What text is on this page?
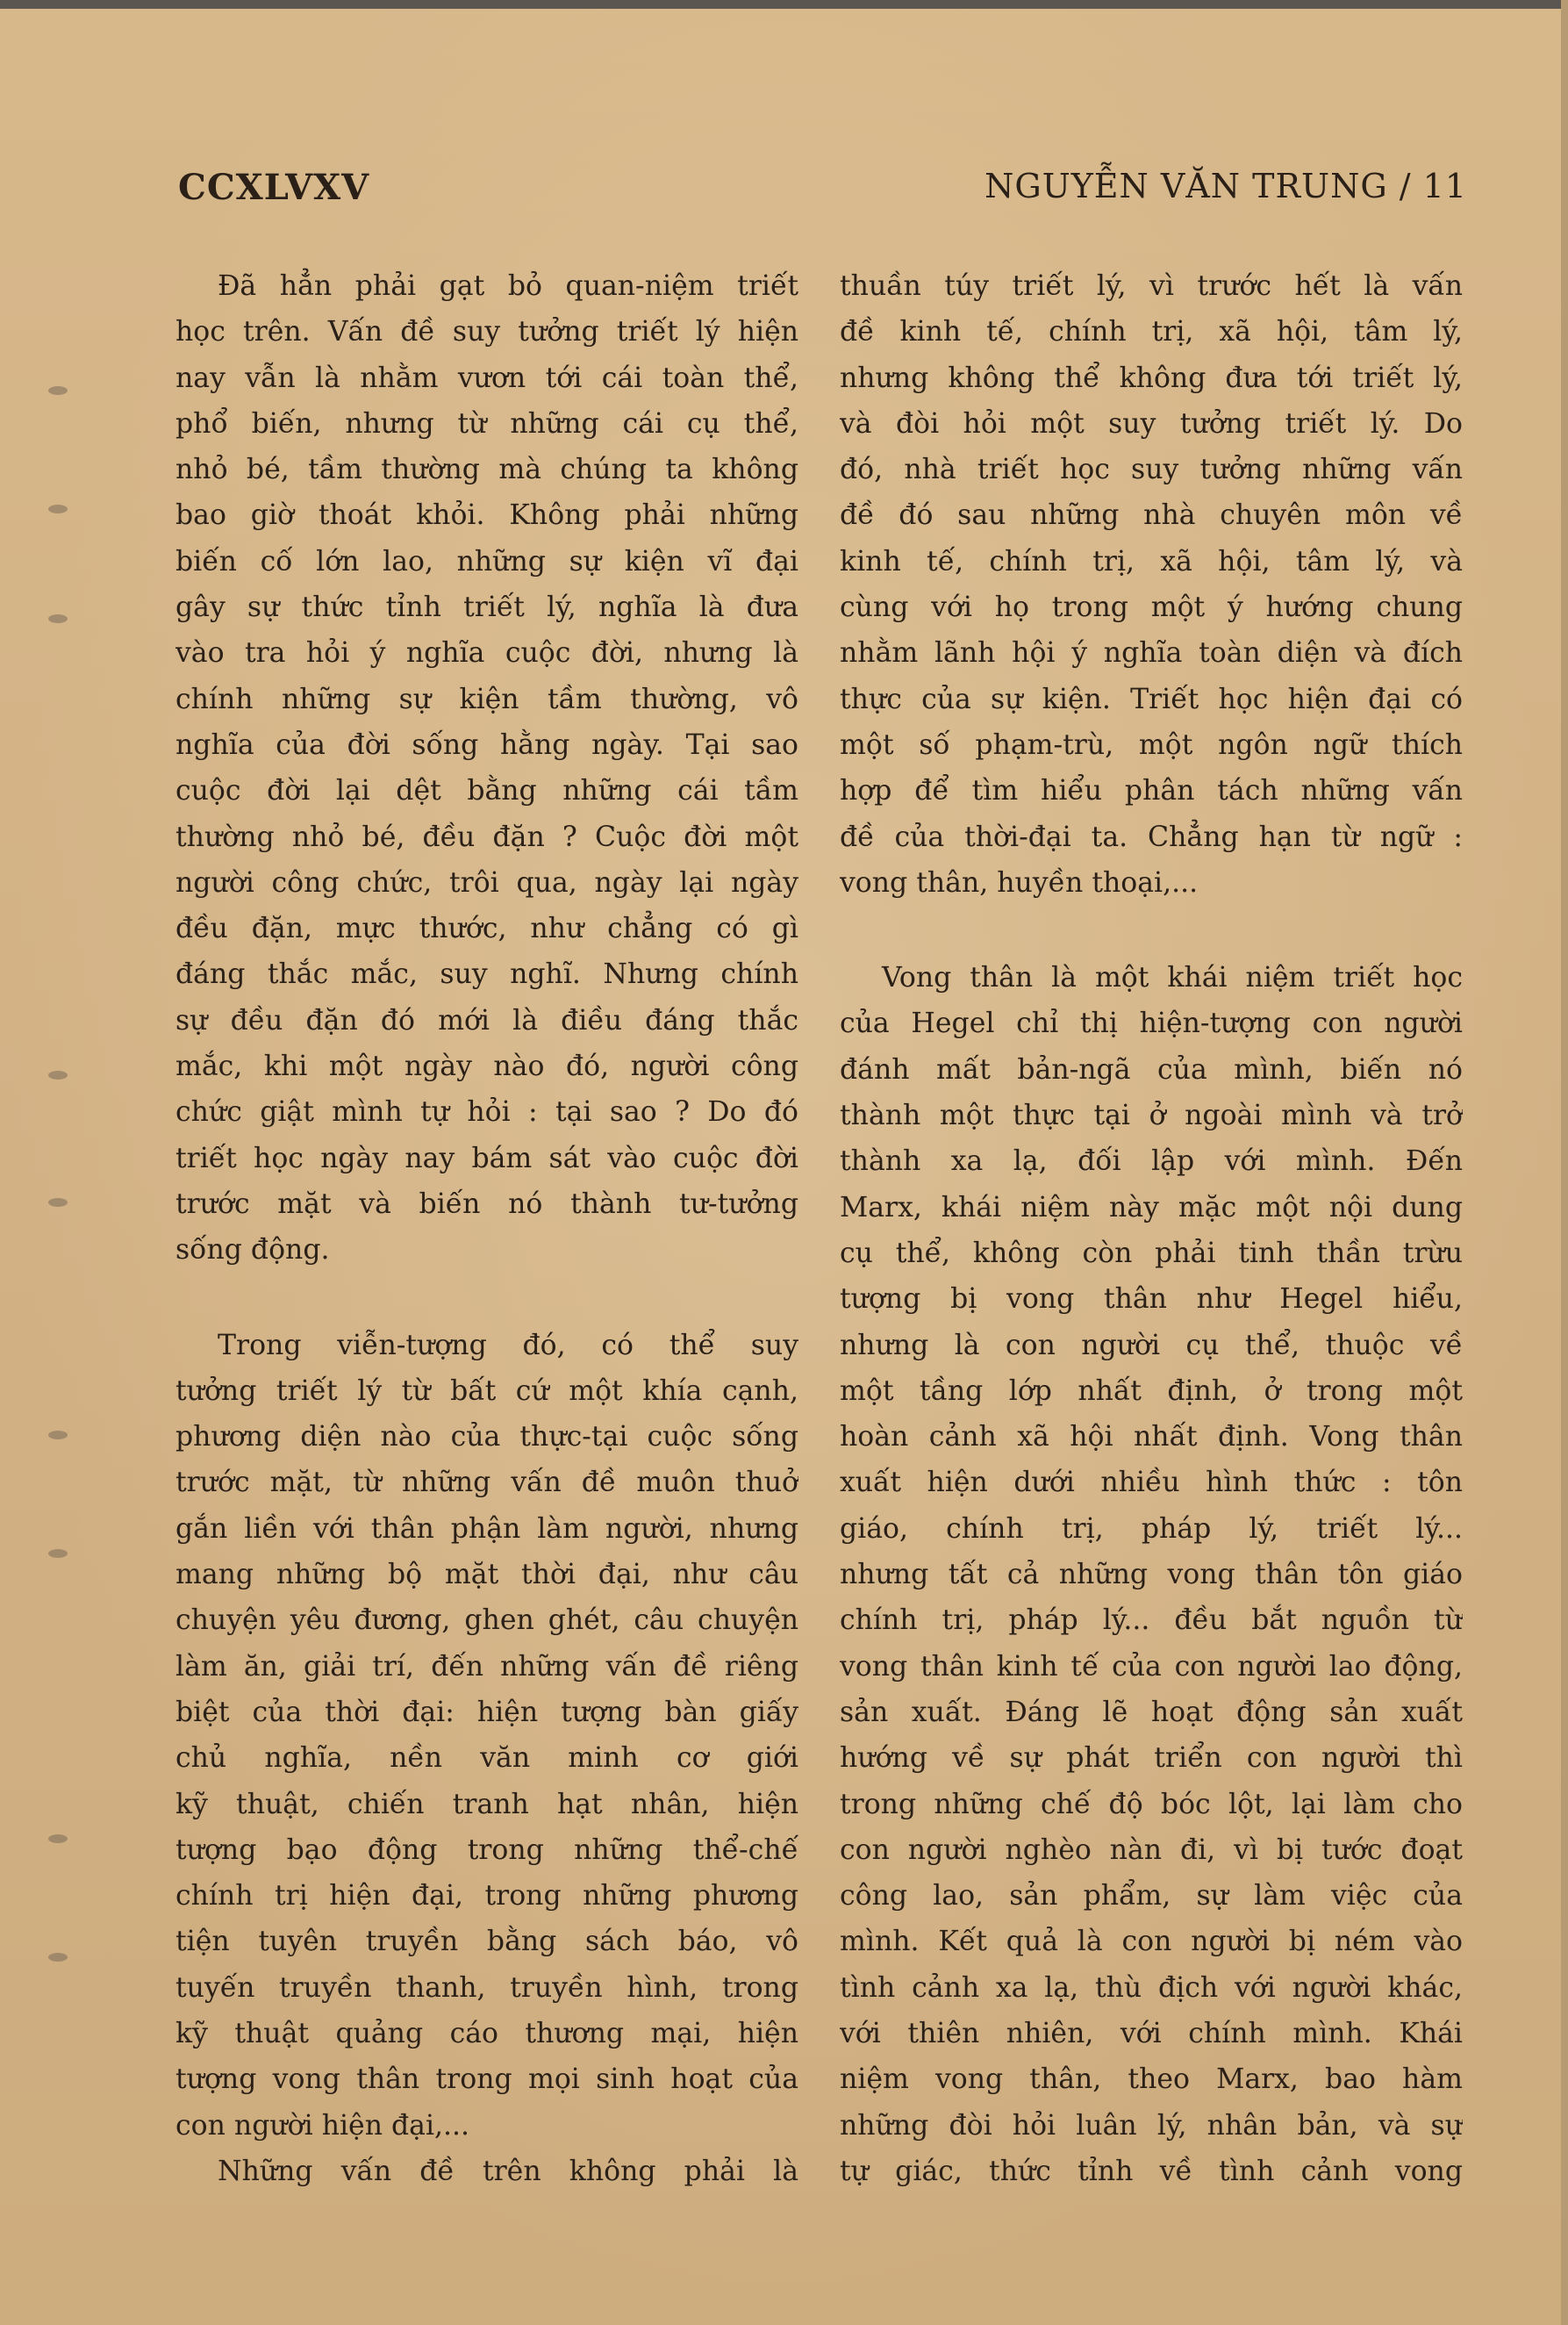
CCXLVXV	NGUYỄN VĂN TRUNG / 11
Đã hẳn phải gạt bỏ quan-niệm triết
học trên. Vấn đề suy tưởng triết lý hiện
nay vẫn là nhằm vươn tới cái toàn thể,
phổ biến, nhưng từ những cái cụ thể,
nhỏ bé, tầm thường mà chúng ta không
bao giờ thoát khỏi. Không phải những
biến cố lớn lao, những sự kiện vĩ đại
gây sự thức tỉnh triết lý, nghĩa là đưa
vào tra hỏi ý nghĩa cuộc đời, nhưng là
chính những sự kiện tầm thường, vô
nghĩa của đời sống hằng ngày. Tại sao
cuộc đời lại dệt bằng những cái tầm
thường nhỏ bé, đều đặn ? Cuộc đời một
người công chức, trôi qua, ngày lại ngày
đều đặn, mực thước, như chẳng có gì
đáng thắc mắc, suy nghĩ. Nhưng chính
sự đều đặn đó mới là điều đáng thắc
mắc, khi một ngày nào đó, người công
chức giật mình tự hỏi : tại sao ? Do đó
triết học ngày nay bám sát vào cuộc đời
trước mặt và biến nó thành tư-tưởng
sống động.
Trong viễn-tượng đó, có thể suy
tưởng triết lý từ bất cứ một khía cạnh,
phương diện nào của thực-tại cuộc sống
trước mặt, từ những vấn đề muôn thuở
gắn liền với thân phận làm người, nhưng
mang những bộ mặt thời đại, như câu
chuyện yêu đương, ghen ghét, câu chuyện
làm ăn, giải trí, đến những vấn đề riêng
biệt của thời đại: hiện tượng bàn giấy
chủ nghĩa, nền văn minh cơ giới
kỹ thuật, chiến tranh hạt nhân, hiện
tượng bạo động trong những thể-chế
chính trị hiện đại, trong những phương
tiện tuyên truyền bằng sách báo, vô
tuyến truyền thanh, truyền hình, trong
kỹ thuật quảng cáo thương mại, hiện
tượng vong thân trong mọi sinh hoạt của
con người hiện đại,...
Những vấn đề trên không phải là
thuần túy triết lý, vì trước hết là vấn
đề kinh tế, chính trị, xã hội, tâm lý,
nhưng không thể không đưa tới triết lý,
và đòi hỏi một suy tưởng triết lý. Do
đó, nhà triết học suy tưởng những vấn
đề đó sau những nhà chuyên môn về
kinh tế, chính trị, xã hội, tâm lý, và
cùng với họ trong một ý hướng chung
nhằm lãnh hội ý nghĩa toàn diện và đích
thực của sự kiện. Triết học hiện đại có
một số phạm-trù, một ngôn ngữ thích
hợp để tìm hiểu phân tách những vấn
đề của thời-đại ta. Chẳng hạn từ ngữ :
vong thân, huyền thoại,...
Vong thân là một khái niệm triết học
của Hegel chỉ thị hiện-tượng con người
đánh mất bản-ngã của mình, biến nó
thành một thực tại ở ngoài mình và trở
thành xa lạ, đối lập với mình. Đến
Marx, khái niệm này mặc một nội dung
cụ thể, không còn phải tinh thần trừu
tượng bị vong thân như Hegel hiểu,
nhưng là con người cụ thể, thuộc về
một tầng lớp nhất định, ở trong một
hoàn cảnh xã hội nhất định. Vong thân
xuất hiện dưới nhiều hình thức : tôn
giáo, chính trị, pháp lý, triết lý...
nhưng tất cả những vong thân tôn giáo
chính trị, pháp lý... đều bắt nguồn từ
vong thân kinh tế của con người lao động,
sản xuất. Đáng lẽ hoạt động sản xuất
hướng về sự phát triển con người thì
trong những chế độ bóc lột, lại làm cho
con người nghèo nàn đi, vì bị tước đoạt
công lao, sản phẩm, sự làm việc của
mình. Kết quả là con người bị ném vào
tình cảnh xa lạ, thù địch với người khác,
với thiên nhiên, với chính mình. Khái
niệm vong thân, theo Marx, bao hàm
những đòi hỏi luân lý, nhân bản, và sự
tự giác, thức tỉnh về tình cảnh vong
